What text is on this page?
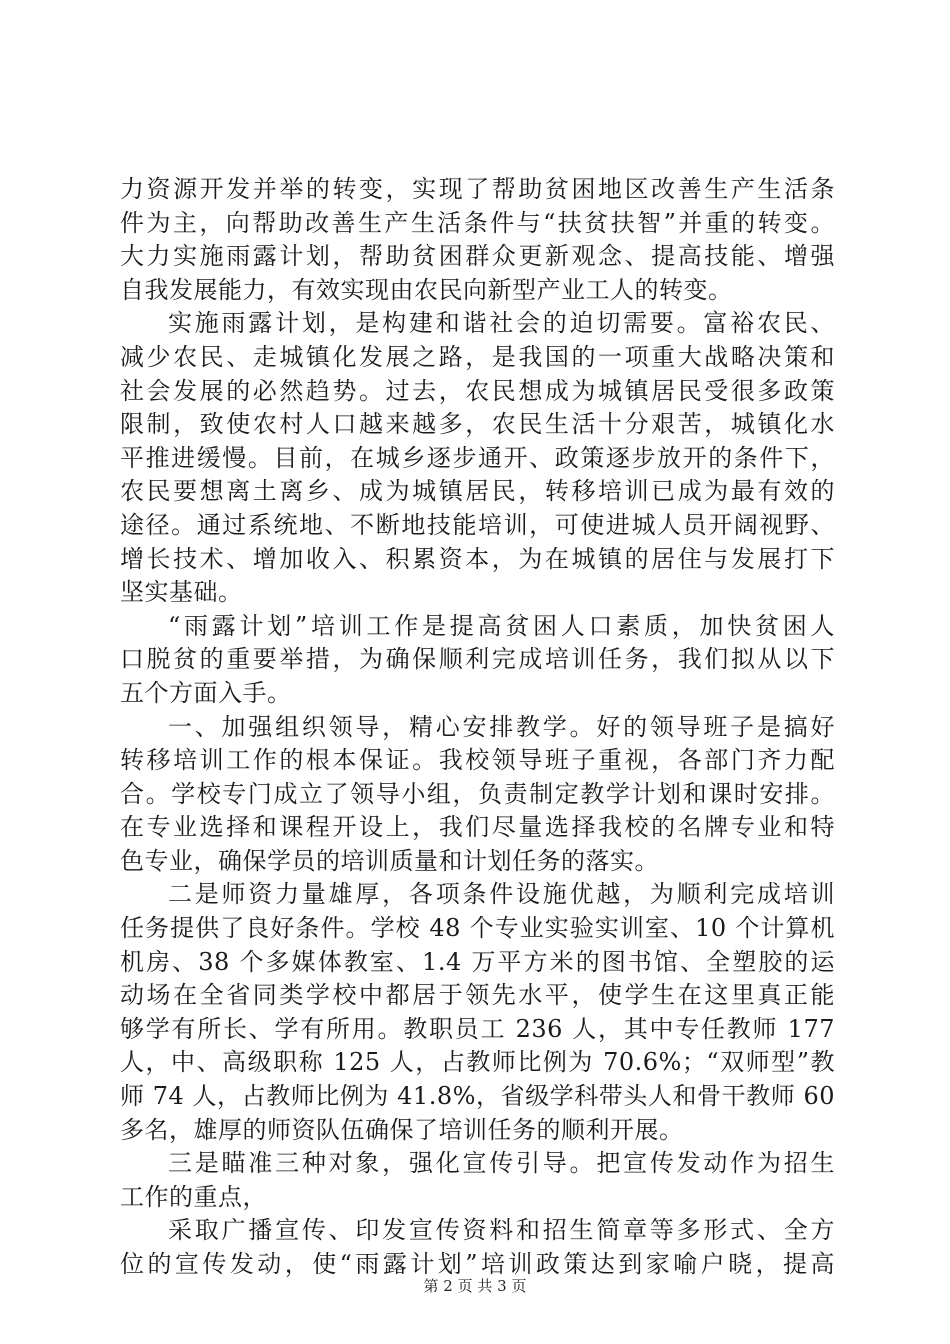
力资源开发并举的转变，实现了帮助贫困地区改善生产生活条
件为主，向帮助改善生产生活条件与“扶贫扶智”并重的转变。
大力实施雨露计划，帮助贫困群众更新观念、提高技能、增强
自我发展能力，有效实现由农民向新型产业工人的转变。
实施雨露计划，是构建和谐社会的迫切需要。富裕农民、
减少农民、走城镇化发展之路，是我国的一项重大战略决策和
社会发展的必然趋势。过去，农民想成为城镇居民受很多政策
限制，致使农村人口越来越多，农民生活十分艰苦，城镇化水
平推进缓慢。目前，在城乡逐步通开、政策逐步放开的条件下，
农民要想离土离乡、成为城镇居民，转移培训已成为最有效的
途径。通过系统地、不断地技能培训，可使进城人员开阔视野、
增长技术、增加收入、积累资本，为在城镇的居住与发展打下
坚实基础。
“雨露计划”培训工作是提高贫困人口素质，加快贫困人
口脱贫的重要举措，为确保顺利完成培训任务，我们拟从以下
五个方面入手。
一、加强组织领导，精心安排教学。好的领导班子是搞好
转移培训工作的根本保证。我校领导班子重视，各部门齐力配
合。学校专门成立了领导小组，负责制定教学计划和课时安排。
在专业选择和课程开设上，我们尽量选择我校的名牌专业和特
色专业，确保学员的培训质量和计划任务的落实。
二是师资力量雄厚，各项条件设施优越，为顺利完成培训
任务提供了良好条件。学校 48 个专业实验实训室、10 个计算机
机房、38 个多媒体教室、1.4 万平方米的图书馆、全塑胶的运
动场在全省同类学校中都居于领先水平，使学生在这里真正能
够学有所长、学有所用。教职员工 236 人，其中专任教师 177
人，中、高级职称 125 人，占教师比例为 70.6%；“双师型”教
师 74 人，占教师比例为 41.8%，省级学科带头人和骨干教师 60
多名，雄厚的师资队伍确保了培训任务的顺利开展。
三是瞄准三种对象，强化宣传引导。把宣传发动作为招生
工作的重点，
采取广播宣传、印发宣传资料和招生简章等多形式、全方
位的宣传发动，使“雨露计划”培训政策达到家喻户晓，提高
第 2 页 共 3 页
